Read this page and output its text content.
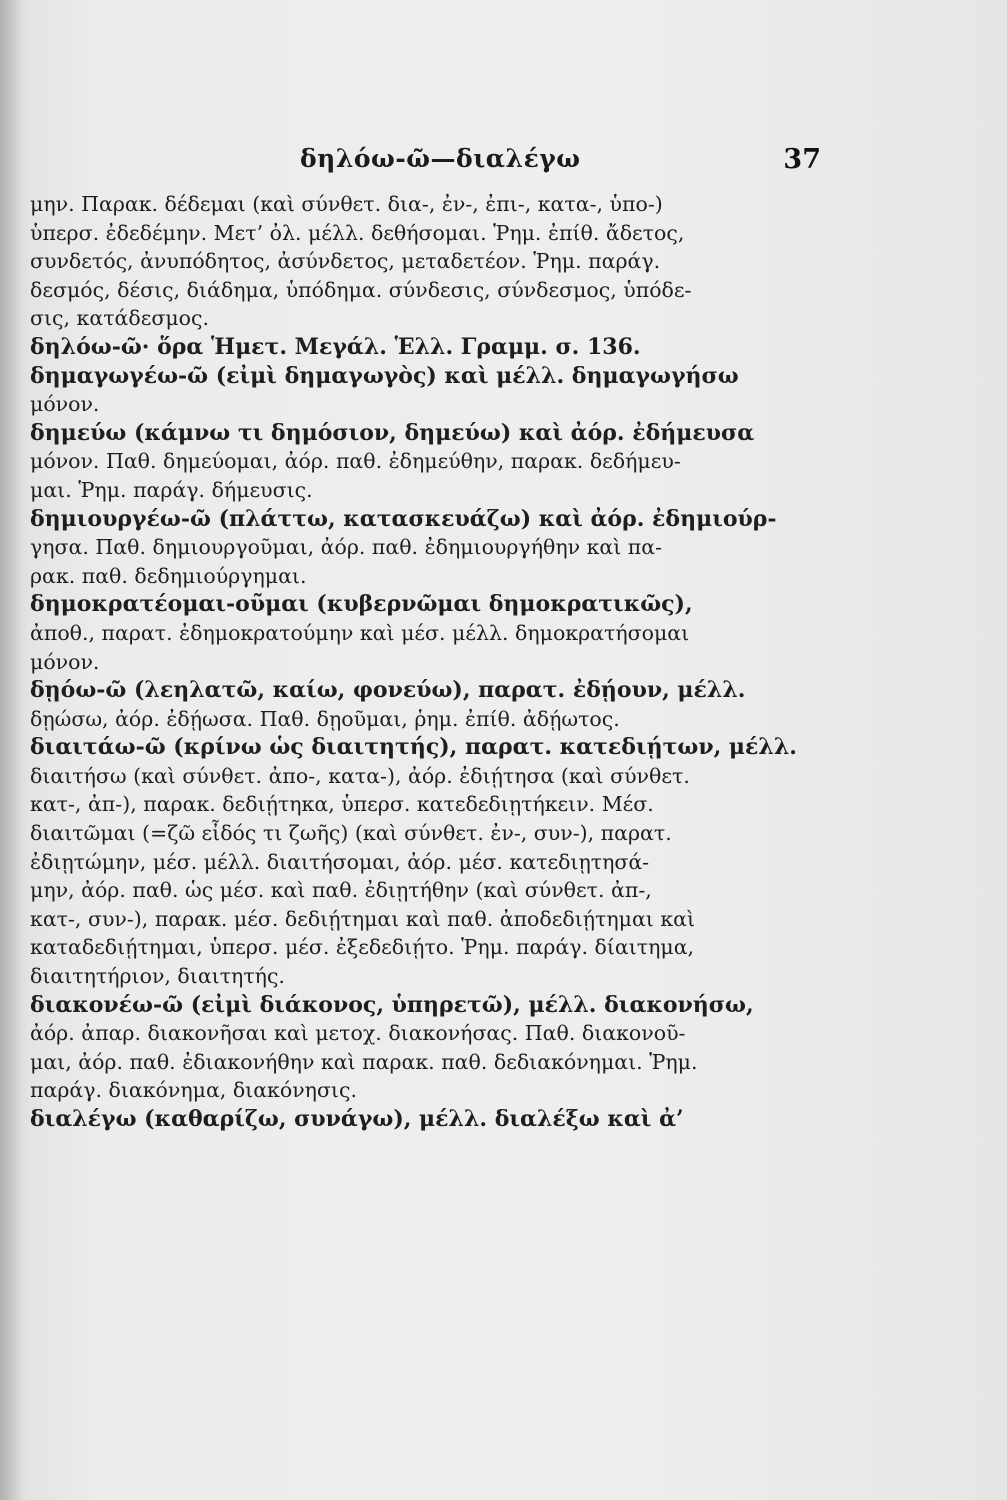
δηλόω-ῶ—διαλέγω	37
μην. Παρακ. δέδεμαι (καὶ σύνθετ. δια-, ἐν-, ἐπι-, κατα-, ὑπο-)
ὑπερσ. ἐδεδέμην. Μετ’ ὀλ. μέλλ. δεθήσομαι. Ῥημ. ἐπίθ. ἄδετος,
συνδετός, ἀνυπόδητος, ἀσύνδετος, μεταδετέον. Ῥημ. παράγ.
δεσμός, δέσις, διάδημα, ὑπόδημα. σύνδεσις, σύνδεσμος, ὑπόδε-
σις, κατάδεσμος.
δηλόω-ῶ· ὅρα Ἡμετ. Μεγάλ. Ἑλλ. Γραμμ. σ. 136.
δημαγωγέω-ῶ (εἰμὶ δημαγωγὸς) καὶ μέλλ. δημαγωγήσω
μόνον.
δημεύω (κάμνω τι δημόσιον, δημεύω) καὶ ἀόρ. ἐδήμευσα
μόνον. Παθ. δημεύομαι, ἀόρ. παθ. ἐδημεύθην, παρακ. δεδήμευ-
μαι. Ῥημ. παράγ. δήμευσις.
δημιουργέω-ῶ (πλάττω, κατασκευάζω) καὶ ἀόρ. ἐδημιούρ-
γησα. Παθ. δημιουργοῦμαι, ἀόρ. παθ. ἐδημιουργήθην καὶ πα-
ρακ. παθ. δεδημιούργημαι.
δημοκρατέομαι-οῦμαι (κυβερνῶμαι δημοκρατικῶς),
ἀποθ., παρατ. ἐδημοκρατούμην καὶ μέσ. μέλλ. δημοκρατήσομαι
μόνον.
δῃόω-ῶ (λεηλατῶ, καίω, φονεύω), παρατ. ἐδῄουν, μέλλ.
δῃώσω, ἀόρ. ἐδῄωσα. Παθ. δῃοῦμαι, ῥημ. ἐπίθ. ἀδῄωτος.
διαιτάω-ῶ (κρίνω ὡς διαιτητής), παρατ. κατεδιῄτων, μέλλ.
διαιτήσω (καὶ σύνθετ. ἀπο-, κατα-), ἀόρ. ἐδιῄτησα (καὶ σύνθετ.
κατ-, ἀπ-), παρακ. δεδιῄτηκα, ὑπερσ. κατεδεδιῃτήκειν. Μέσ.
διαιτῶμαι (=ζῶ εἶδός τι ζωῆς) (καὶ σύνθετ. ἐν-, συν-), παρατ.
ἐδιῃτώμην, μέσ. μέλλ. διαιτήσομαι, ἀόρ. μέσ. κατεδιῃτησά-
μην, ἀόρ. παθ. ὡς μέσ. καὶ παθ. ἐδιῃτήθην (καὶ σύνθετ. ἀπ-,
κατ-, συν-), παρακ. μέσ. δεδιῄτημαι καὶ παθ. ἀποδεδιῄτημαι καὶ
καταδεδιῄτημαι, ὑπερσ. μέσ. ἐξεδεδιῄτο. Ῥημ. παράγ. δίαιτημα,
διαιτητήριον, διαιτητής.
διακονέω-ῶ (εἰμὶ διάκονος, ὑπηρετῶ), μέλλ. διακονήσω,
ἀόρ. ἀπαρ. διακονῆσαι καὶ μετοχ. διακονήσας. Παθ. διακονοῦ-
μαι, ἀόρ. παθ. ἐδιακονήθην καὶ παρακ. παθ. δεδιακόνημαι. Ῥημ.
παράγ. διακόνημα, διακόνησις.
διαλέγω (καθαρίζω, συνάγω), μέλλ. διαλέξω καὶ ἀ’
